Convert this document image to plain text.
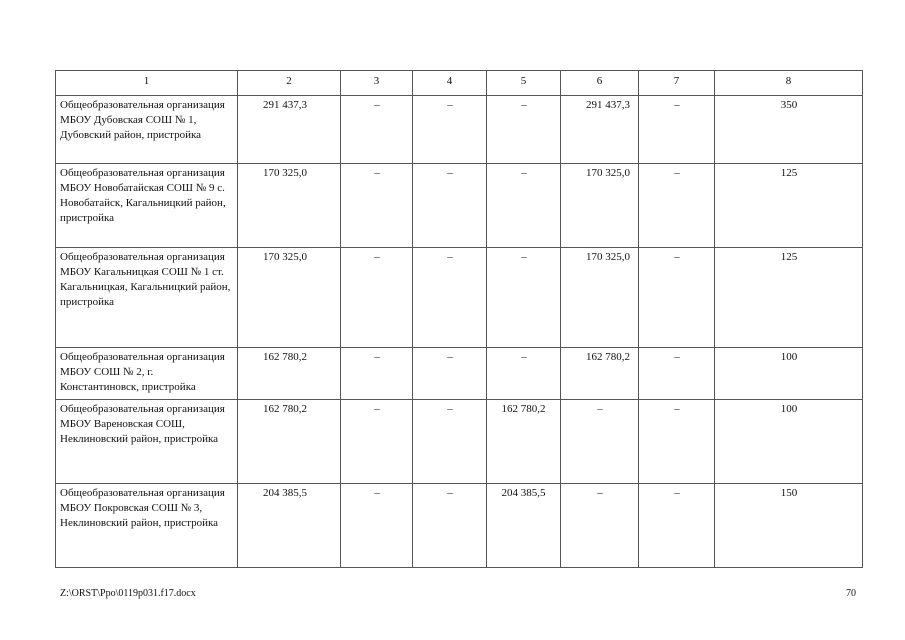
1	2	3	4	5	6	7	8
Общеобразовательная организация МБОУ Дубовская СОШ № 1, Дубовский район, пристройка	291 437,3	–	–	–	291 437,3	–	350
Общеобразовательная организация МБОУ Новобатайская СОШ № 9 с. Новобатайск, Кагальницкий район, пристройка	170 325,0	–	–	–	170 325,0	–	125
Общеобразовательная организация МБОУ Кагальницкая СОШ № 1 ст. Кагальницкая, Кагальницкий район, пристройка	170 325,0	–	–	–	170 325,0	–	125
Общеобразовательная организация МБОУ СОШ № 2, г. Константиновск, пристройка	162 780,2	–	–	–	162 780,2	–	100
Общеобразовательная организация МБОУ Вареновская СОШ, Неклиновский район, пристройка	162 780,2	–	–	162 780,2	–	–	100
Общеобразовательная организация МБОУ Покровская СОШ № 3, Неклиновский район, пристройка	204 385,5	–	–	204 385,5	–	–	150
Z:\ORST\Ppo\0119p031.f17.docx	70
